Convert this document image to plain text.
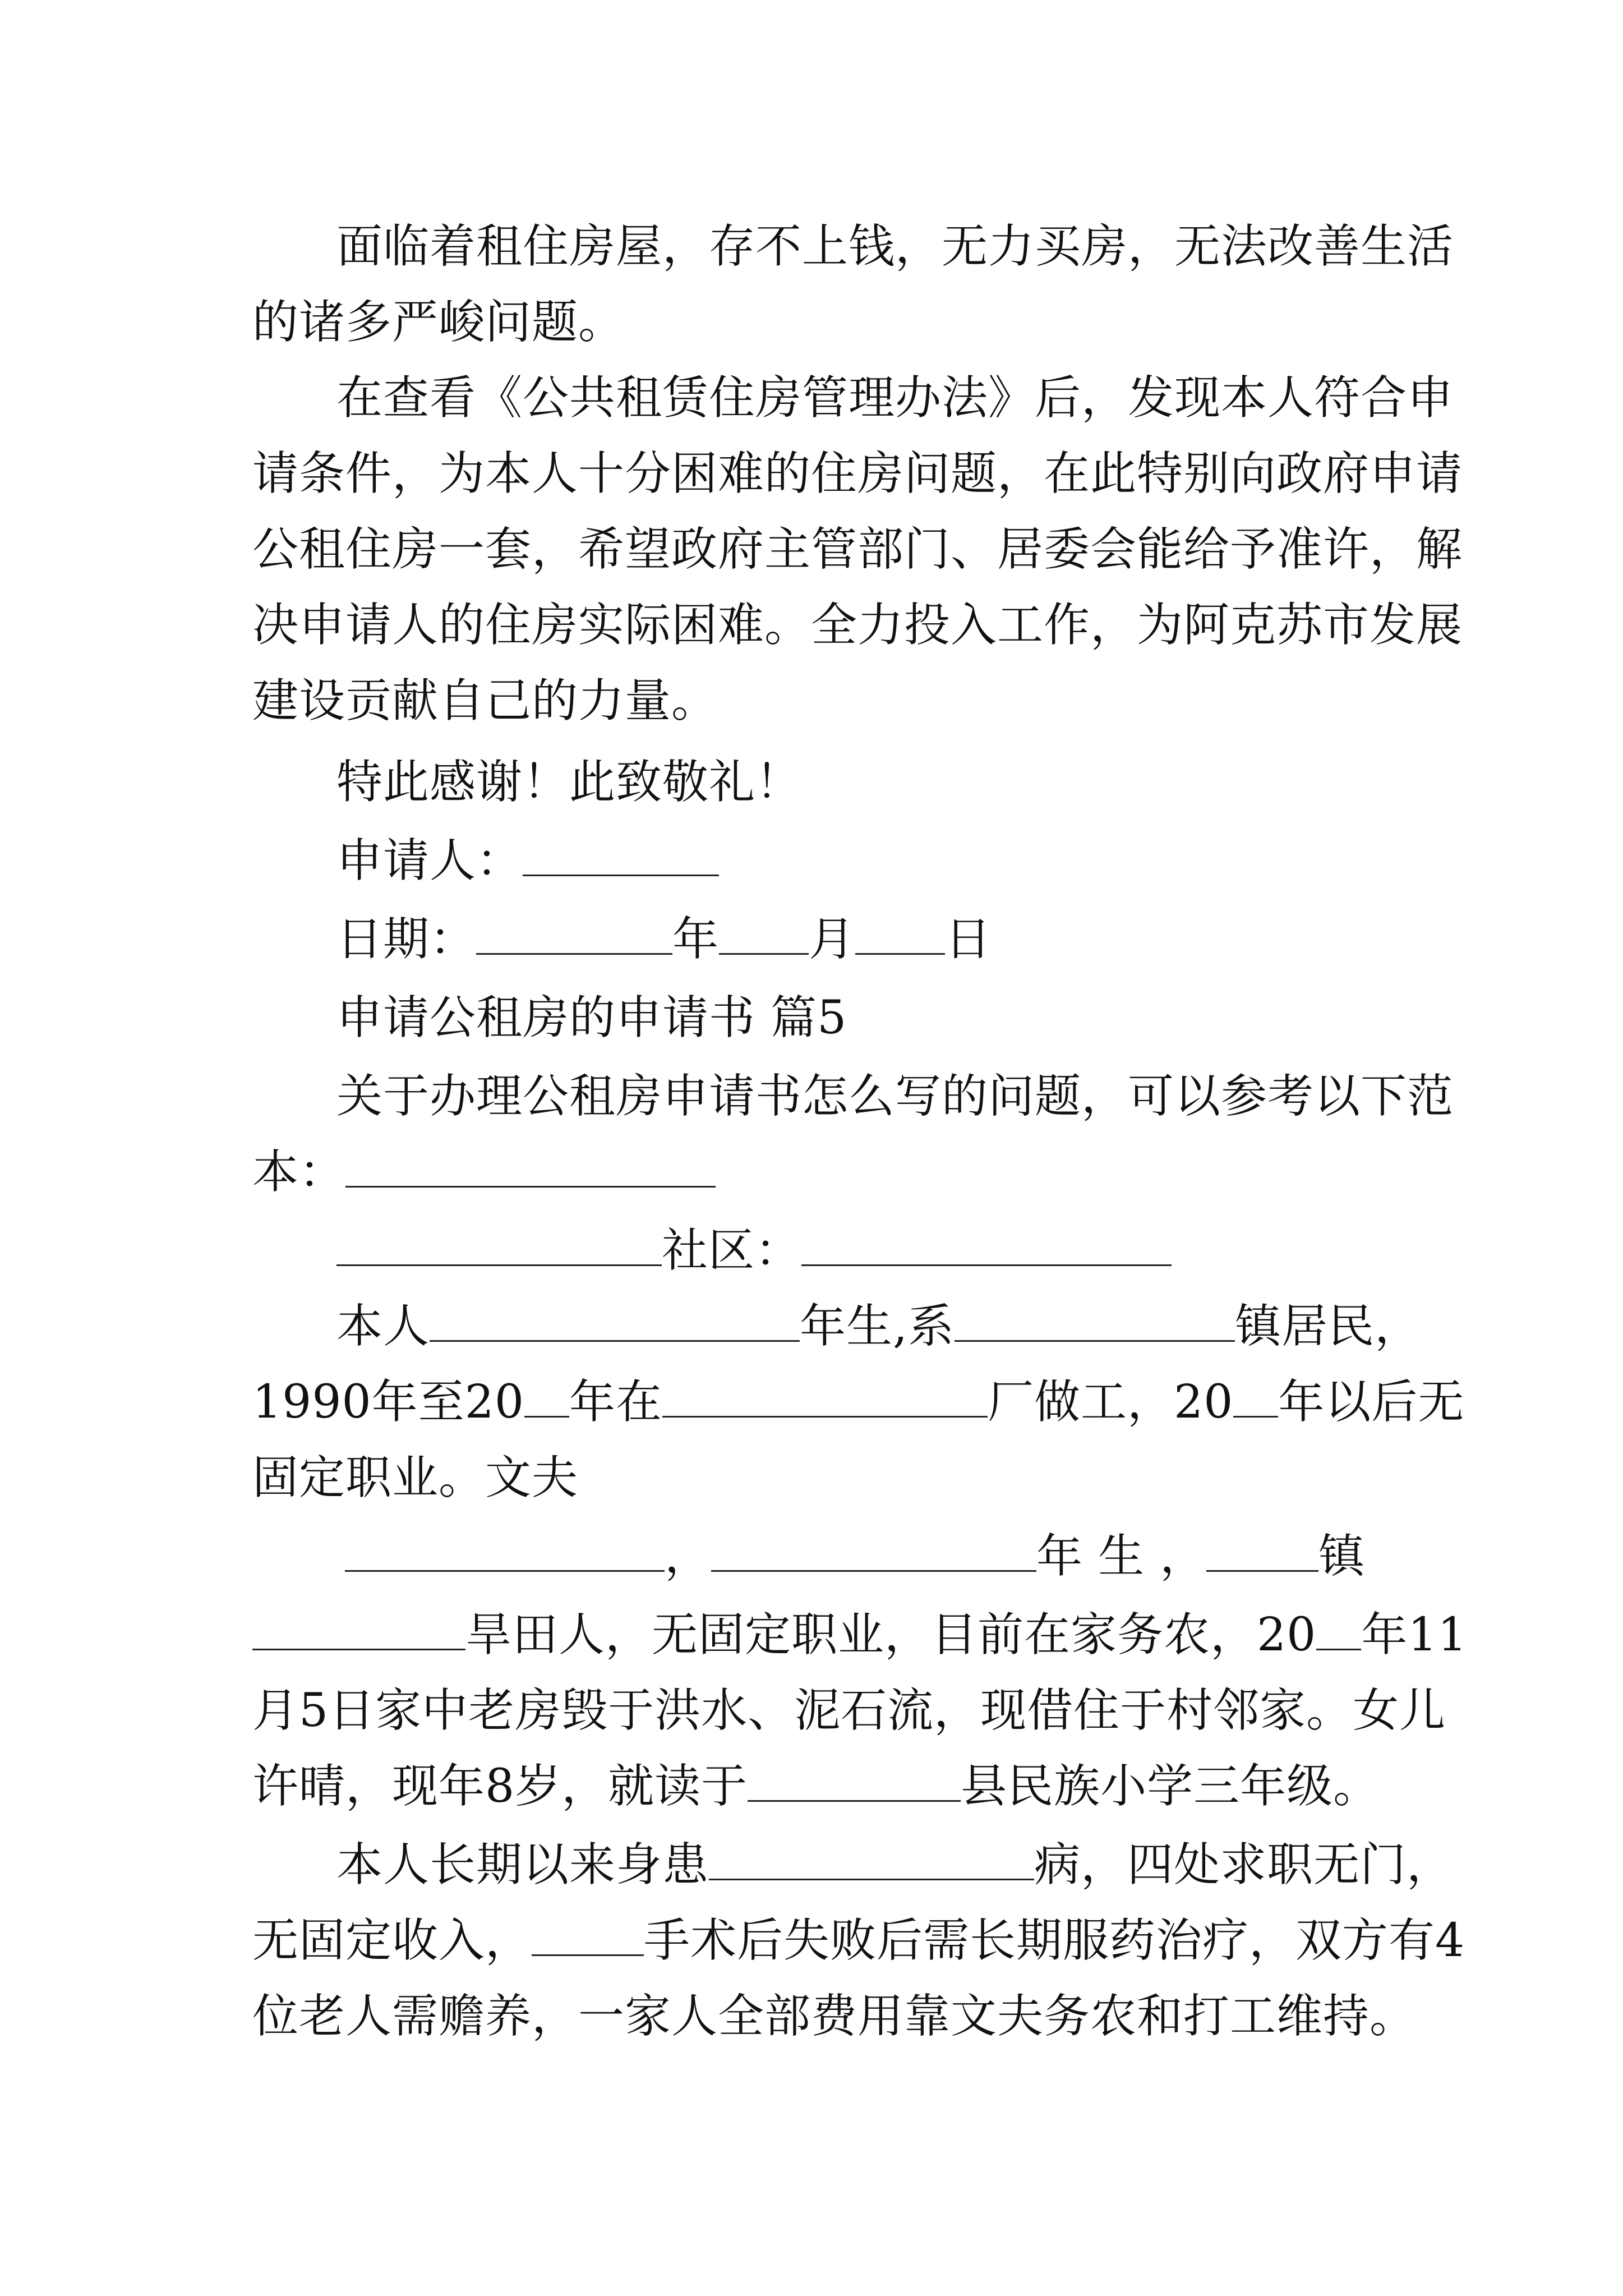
面临着租住房屋，存不上钱，无力买房，无法改善生活
的诸多严峻问题。
在查看《公共租赁住房管理办法》后，发现本人符合申
请条件，为本人十分困难的住房问题，在此特别向政府申请
公租住房一套，希望政府主管部门、居委会能给予准许，解
决申请人的住房实际困难。全力投入工作，为阿克苏市发展
建设贡献自己的力量。
特此感谢！此致敬礼！
申请人：
日期：	年 月 日
申请公租房的申请书 篇5
关于办理公租房申请书怎么写的问题，可以参考以下范
本：
社区：
本人	年生,系	镇居民，
1990年至20 年在	厂做工，20 年以后无
固定职业。文夫
，	年 生 ， 镇
旱田人，无固定职业，目前在家务农，20 年11
月5日家中老房毁于洪水、泥石流，现借住于村邻家。女儿
许晴，现年8岁，就读于	县民族小学三年级。
本人长期以来身患	病，四处求职无门，
无固定收入， 手术后失败后需长期服药治疗，双方有4
位老人需赡养，一家人全部费用靠文夫务农和打工维持。
